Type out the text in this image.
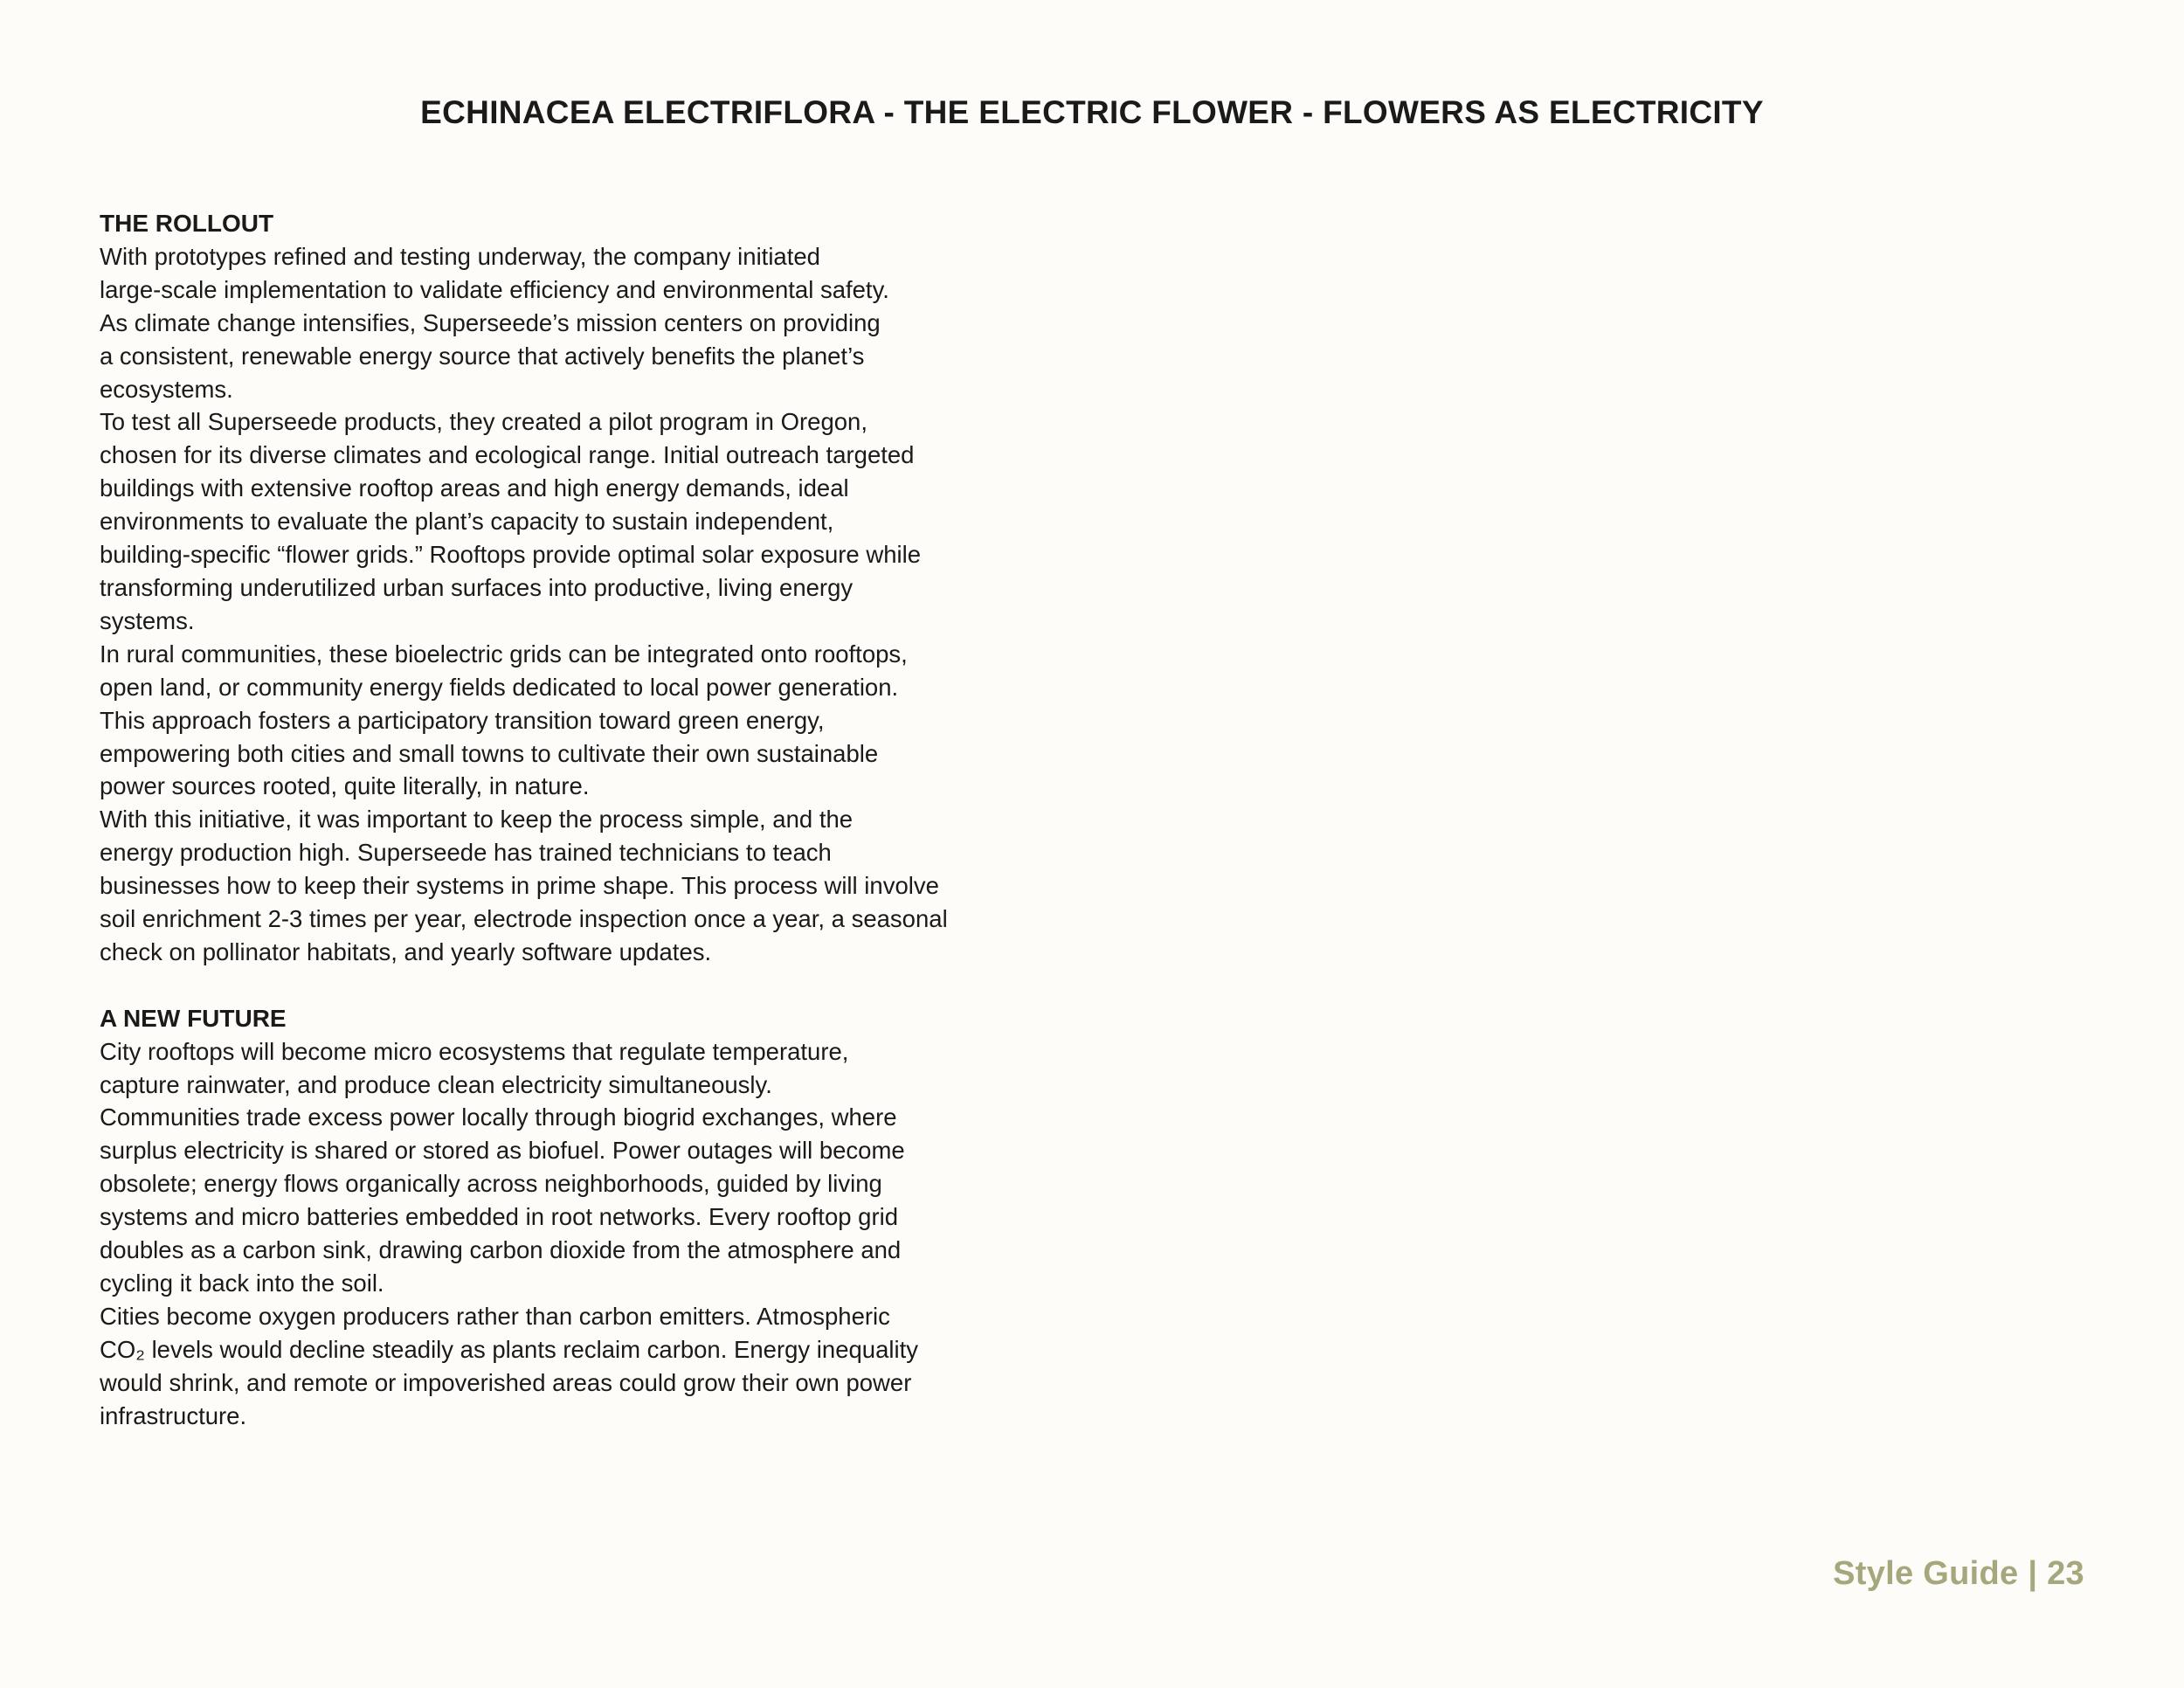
ECHINACEA ELECTRIFLORA - THE ELECTRIC FLOWER - FLOWERS AS ELECTRICITY
THE ROLLOUT

With prototypes refined and testing underway, the company initiated
large-scale implementation to validate efficiency and environmental safety.
As climate change intensifies, Superseede’s mission centers on providing
a consistent, renewable energy source that actively benefits the planet’s
ecosystems.

To test all Superseede products, they created a pilot program in Oregon,
chosen for its diverse climates and ecological range. Initial outreach targeted
buildings with extensive rooftop areas and high energy demands, ideal
environments to evaluate the plant’s capacity to sustain independent,
building-specific “flower grids.” Rooftops provide optimal solar exposure while
transforming underutilized urban surfaces into productive, living energy
systems.

In rural communities, these bioelectric grids can be integrated onto rooftops,
open land, or community energy fields dedicated to local power generation.
This approach fosters a participatory transition toward green energy,
empowering both cities and small towns to cultivate their own sustainable
power sources rooted, quite literally, in nature.

With this initiative, it was important to keep the process simple, and the
energy production high. Superseede has trained technicians to teach
businesses how to keep their systems in prime shape. This process will involve
soil enrichment 2-3 times per year, electrode inspection once a year, a seasonal
check on pollinator habitats, and yearly software updates.

A NEW FUTURE

City rooftops will become micro ecosystems that regulate temperature,
capture rainwater, and produce clean electricity simultaneously.
Communities trade excess power locally through biogrid exchanges, where
surplus electricity is shared or stored as biofuel. Power outages will become
obsolete; energy flows organically across neighborhoods, guided by living
systems and micro batteries embedded in root networks. Every rooftop grid
doubles as a carbon sink, drawing carbon dioxide from the atmosphere and
cycling it back into the soil.

Cities become oxygen producers rather than carbon emitters. Atmospheric
CO₂ levels would decline steadily as plants reclaim carbon. Energy inequality
would shrink, and remote or impoverished areas could grow their own power
infrastructure.

Style Guide | 23
